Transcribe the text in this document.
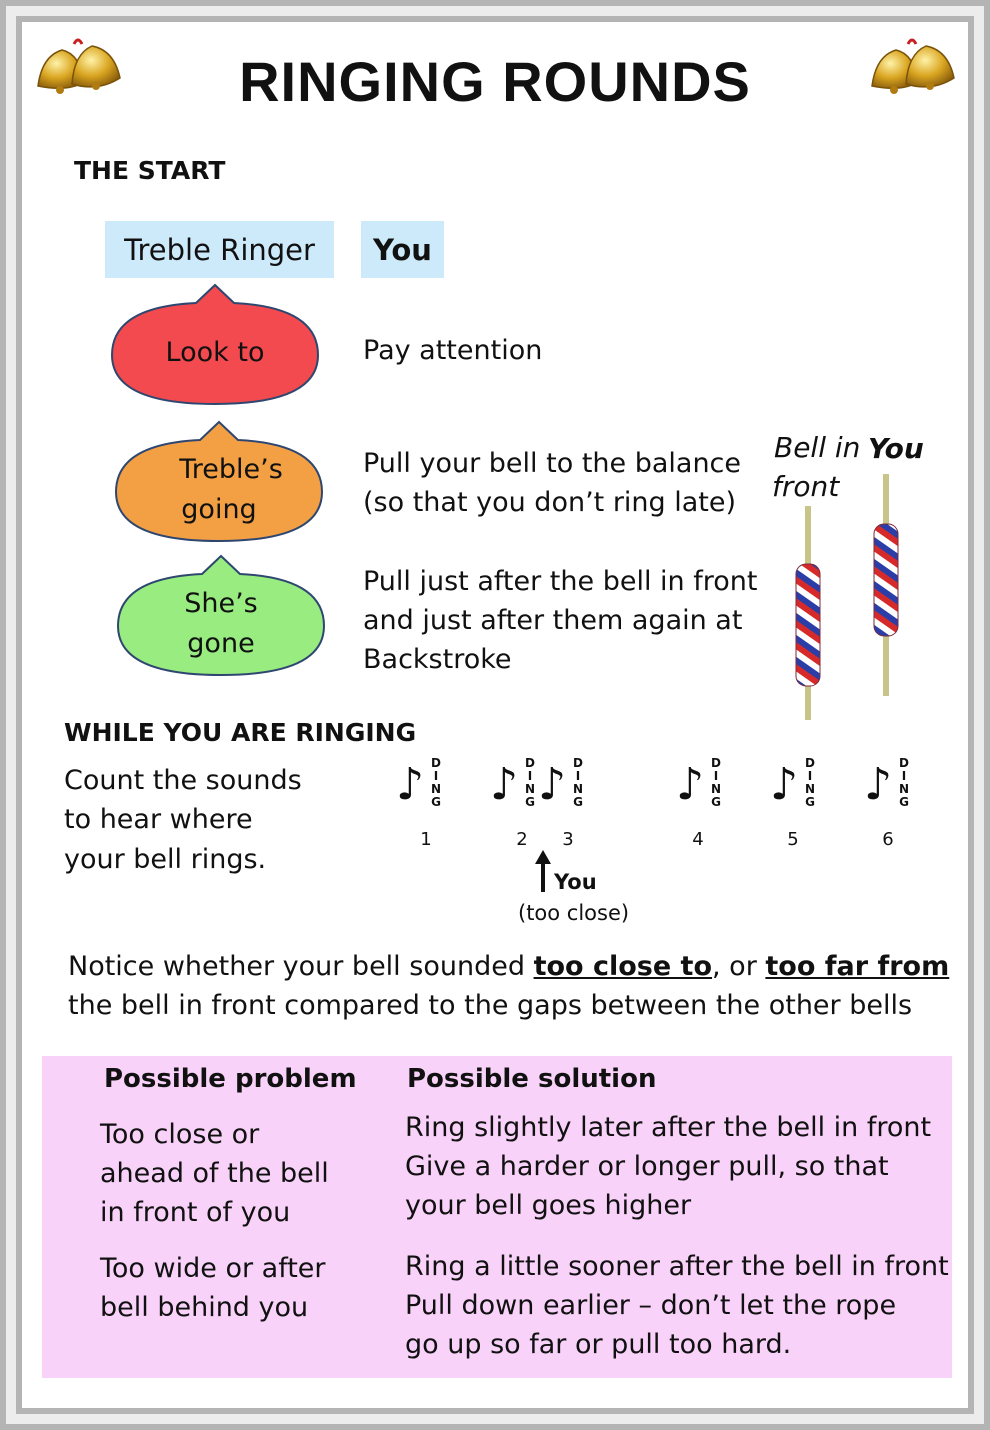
RINGING ROUNDS
THE START
Treble Ringer	You
Look to	Pay attention
Treble’s
going
Pull your bell to the balance
(so that you don’t ring late)
She’s
gone
Pull just after the bell in front
and just after them again at
Backstroke
Bell in
front
You
WHILE YOU ARE RINGING
Count the sounds
to hear where
your bell rings.
♪ D
I
N
G
1
♪ D
I
N
G
2
♪ D
I
N
G
3
♪ D
I
N
G
4
♪ D
I
N
G
5
♪ D
I
N
G
6
You
(too close)
Notice whether your bell sounded too close to, or too far from
the bell in front compared to the gaps between the other bells
Possible problem Possible solution
Too close or
ahead of the bell
in front of you
Ring slightly later after the bell in front
Give a harder or longer pull, so that
your bell goes higher
Too wide or after
bell behind you
Ring a little sooner after the bell in front
Pull down earlier – don’t let the rope
go up so far or pull too hard.
